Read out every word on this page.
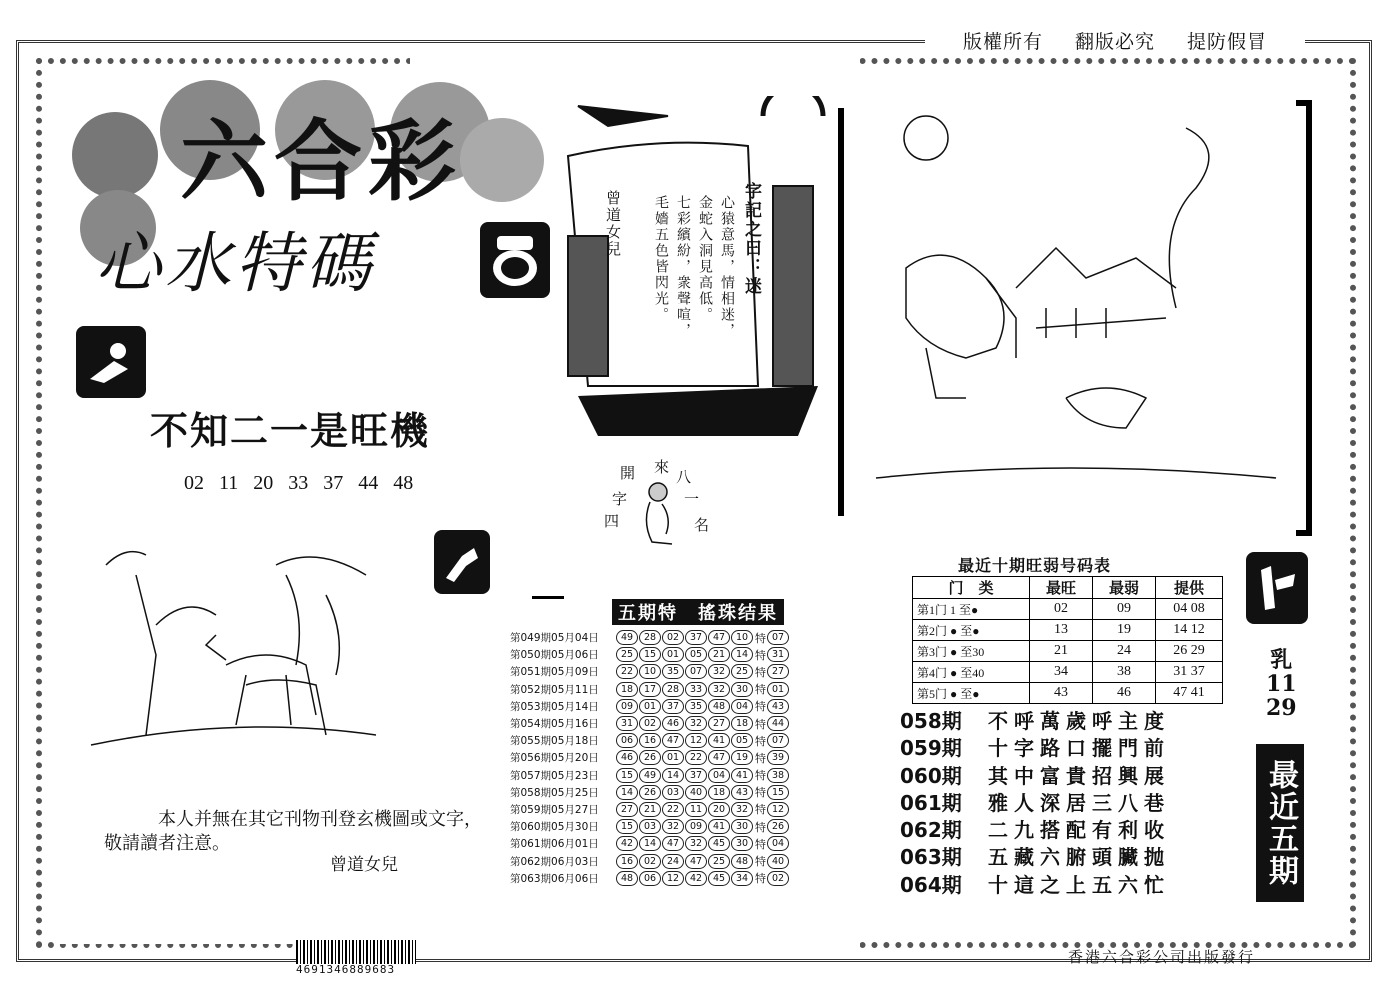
版權所有 翻版必究 提防假冒
六合彩
心水特碼
不知二一是旺機
02 11 20 33 37 44 48
本人并無在其它刊物刊登玄機圖或文字，
敬請讀者注意。
曾道女兒
4691346889683
曾道女兒	字記之曰：迷
心猿意馬，情相迷，
金蛇入洞見高低。
七彩繽紛，衆聲喧，
毛嬙五色皆閃光。
開 來
八
一
字
四	名
五期特　搖珠结果
第049期05月04日	49	28	02	37	47	10 特 07
第050期05月06日	25	15	01	05	21	14 特 31
第051期05月09日	22	10	35	07	32	25 特 27
第052期05月11日	18	17	28	33	32	30 特 01
第053期05月14日	09	01	37	35	48	04 特 43
第054期05月16日	31	02	46	32	27	18 特 44
第055期05月18日	06	16	47	12	41	05 特 07
第056期05月20日	46	26	01	22	47	19 特 39
第057期05月23日	15	49	14	37	04	41 特 38
第058期05月25日	14	26	03	40	18	43 特 15
第059期05月27日	27	21	22	11	20	32 特 12
第060期05月30日	15	03	32	09	41	30 特 26
第061期06月01日	42	14	47	32	45	30 特 04
第062期06月03日	16	02	24	47	25	48 特 40
第063期06月06日	48	06	12	42	45	34 特 02
最近十期旺弱号码表
门　类	最旺	最弱	提供
第1门 1 至●	02	09	04 08
第2门 ● 至●	13	19	14 12
第3门 ● 至30	21	24	26 29
第4门 ● 至40	34	38	31 37
第5门 ● 至●	43	46	47 41
058期 不呼萬歲呼主度
059期 十字路口擺門前
060期 其中富貴招興展
061期 雅人深居三八巷
062期 二九搭配有利收
063期 五藏六腑頭臟抛
064期 十這之上五六忙
乳
11
29
最近五期特码诗
香港六合彩公司出版發行
